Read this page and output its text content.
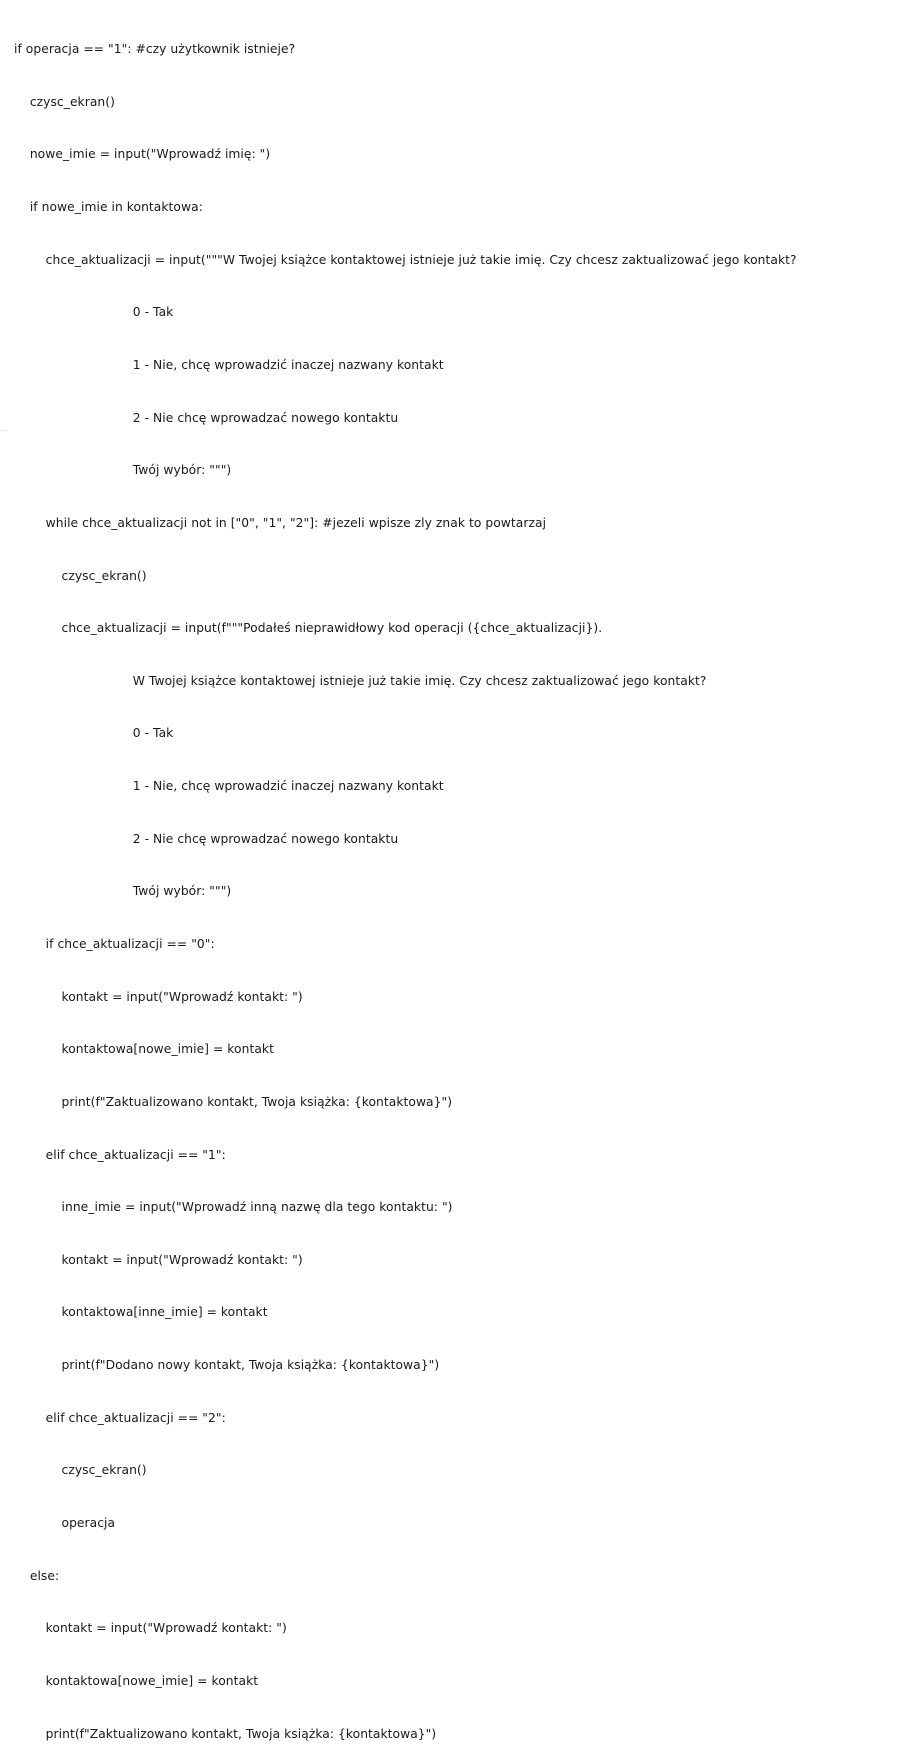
if operacja == "1": #czy użytkownik istnieje?

czysc_ekran()

nowe_imie = input("Wprowadź imię: ")

if nowe_imie in kontaktowa:

chce_aktualizacji = input("""W Twojej książce kontaktowej istnieje już takie imię. Czy chcesz zaktualizować jego kontakt?

0 - Tak

1 - Nie, chcę wprowadzić inaczej nazwany kontakt

2 - Nie chcę wprowadzać nowego kontaktu

Twój wybór: """)

while chce_aktualizacji not in ["0", "1", "2"]: #jezeli wpisze zly znak to powtarzaj

czysc_ekran()

chce_aktualizacji = input(f"""Podałeś nieprawidłowy kod operacji ({chce_aktualizacji}).

W Twojej książce kontaktowej istnieje już takie imię. Czy chcesz zaktualizować jego kontakt?

0 - Tak

1 - Nie, chcę wprowadzić inaczej nazwany kontakt

2 - Nie chcę wprowadzać nowego kontaktu

Twój wybór: """)

if chce_aktualizacji == "0":

kontakt = input("Wprowadź kontakt: ")

kontaktowa[nowe_imie] = kontakt

print(f"Zaktualizowano kontakt, Twoja książka: {kontaktowa}")

elif chce_aktualizacji == "1":

inne_imie = input("Wprowadź inną nazwę dla tego kontaktu: ")

kontakt = input("Wprowadź kontakt: ")

kontaktowa[inne_imie] = kontakt

print(f"Dodano nowy kontakt, Twoja książka: {kontaktowa}")

elif chce_aktualizacji == "2":

czysc_ekran()

operacja

else:

kontakt = input("Wprowadź kontakt: ")

kontaktowa[nowe_imie] = kontakt

print(f"Zaktualizowano kontakt, Twoja książka: {kontaktowa}")
